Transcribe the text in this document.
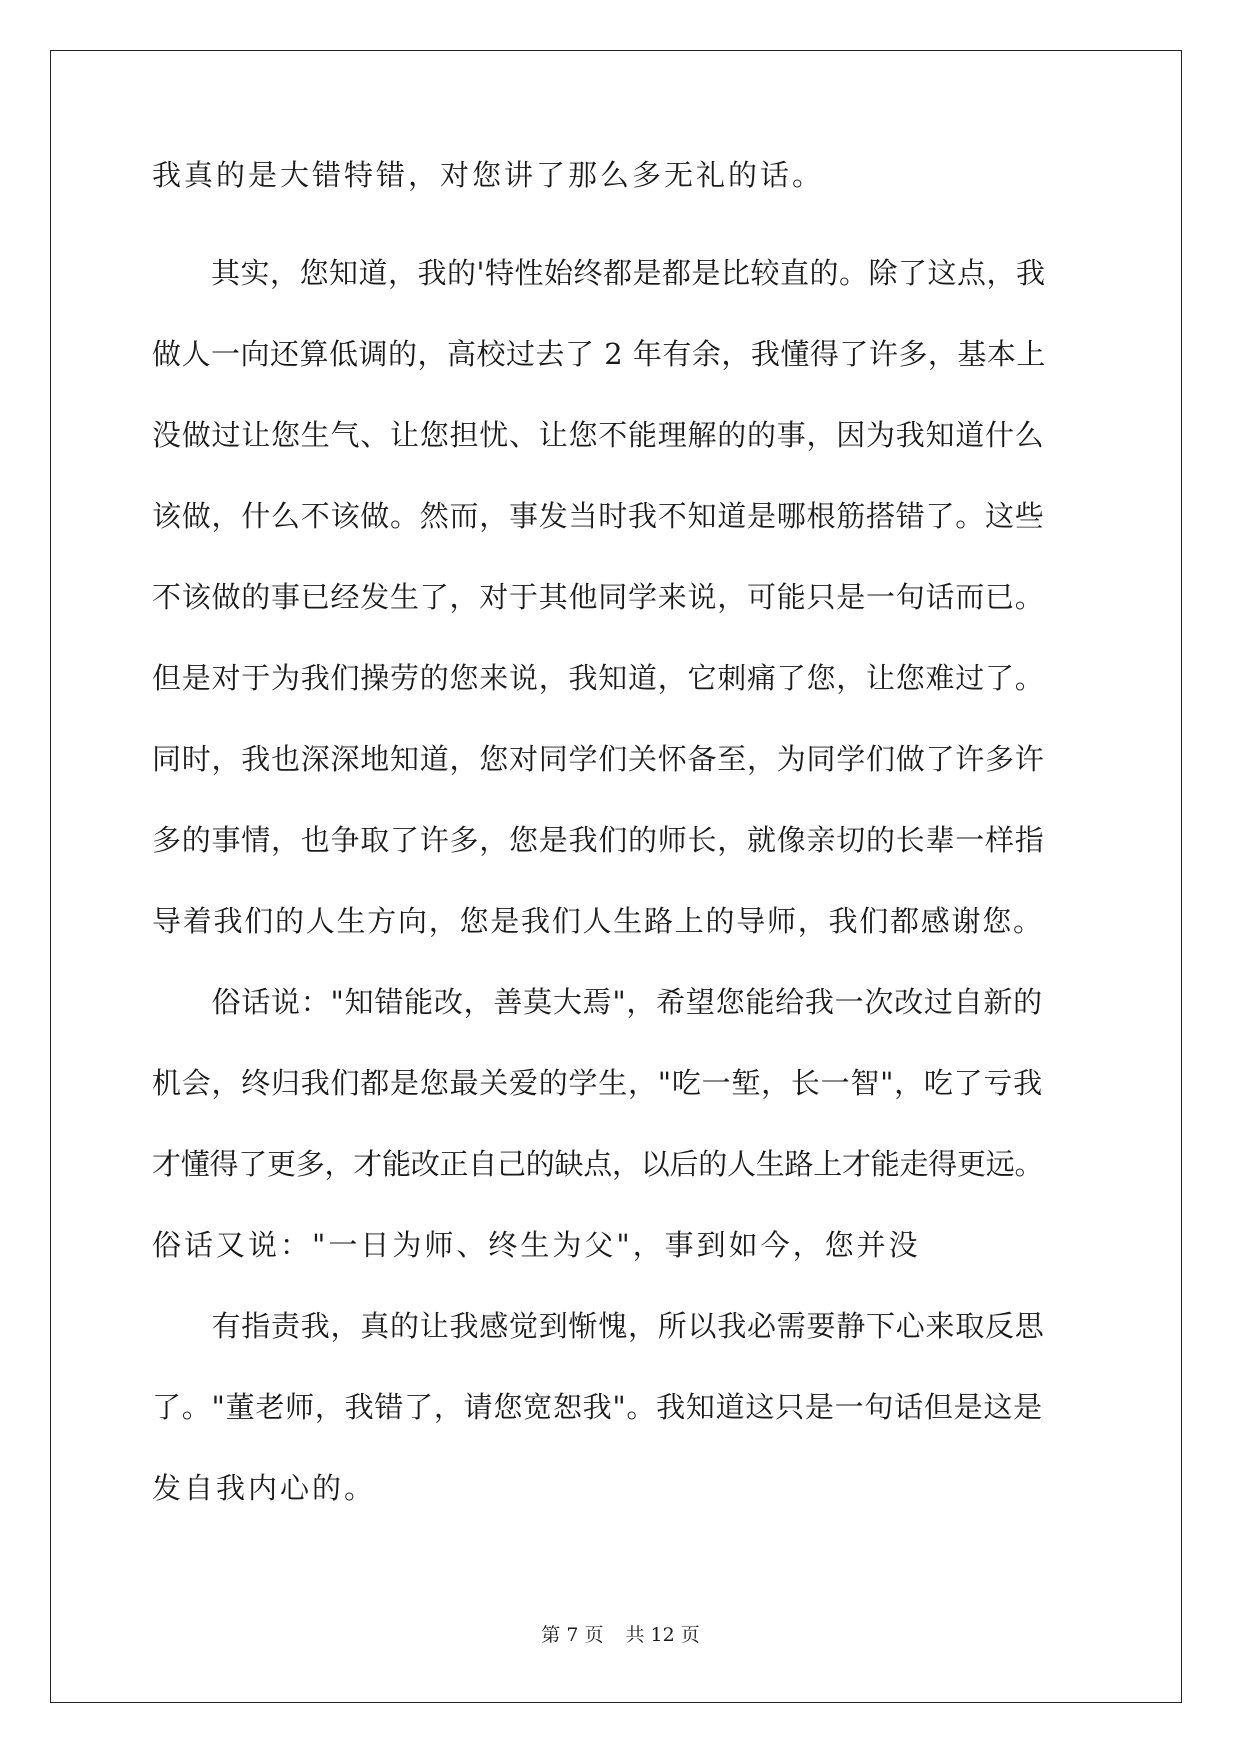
我真的是大错特错，对您讲了那么多无礼的话。
　　其实，您知道，我的'特性始终都是都是比较直的。除了这点，我
做人一向还算低调的，高校过去了 2 年有余，我懂得了许多，基本上
没做过让您生气、让您担忧、让您不能理解的的事，因为我知道什么
该做，什么不该做。然而，事发当时我不知道是哪根筋搭错了。这些
不该做的事已经发生了，对于其他同学来说，可能只是一句话而已。
但是对于为我们操劳的您来说，我知道，它刺痛了您，让您难过了。
同时，我也深深地知道，您对同学们关怀备至，为同学们做了许多许
多的事情，也争取了许多，您是我们的师长，就像亲切的长辈一样指
导着我们的人生方向，您是我们人生路上的导师，我们都感谢您。
　　俗话说："知错能改，善莫大焉"，希望您能给我一次改过自新的
机会，终归我们都是您最关爱的学生，"吃一堑，长一智"，吃了亏我
才懂得了更多，才能改正自己的缺点，以后的人生路上才能走得更远。
俗话又说："一日为师、终生为父"，事到如今，您并没
　　有指责我，真的让我感觉到惭愧，所以我必需要静下心来取反思
了。"董老师，我错了，请您宽恕我"。我知道这只是一句话但是这是
发自我内心的。
第 7 页 共 12 页
